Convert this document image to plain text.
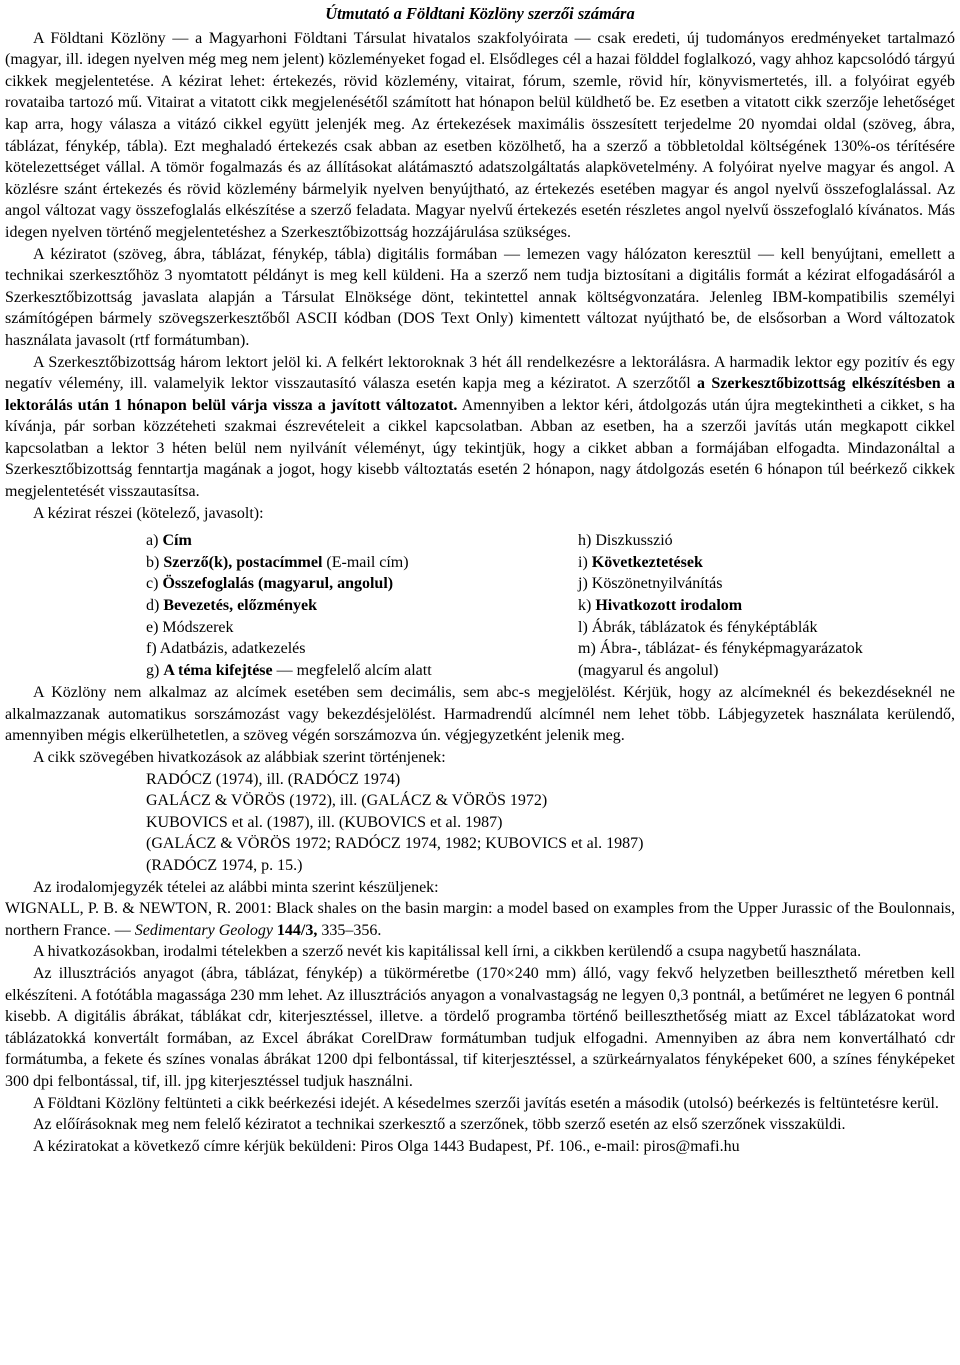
Útmutató a Földtani Közlöny szerzői számára

A Földtani Közlöny — a Magyarhoni Földtani Társulat hivatalos szakfolyóirata — csak eredeti, új tudományos eredményeket tartalmazó (magyar, ill. idegen nyelven még meg nem jelent) közleményeket fogad el. Elsődleges cél a hazai földdel foglalkozó, vagy ahhoz kapcsolódó tárgyú cikkek megjelentetése. A kézirat lehet: értekezés, rövid közlemény, vitairat, fórum, szemle, rövid hír, könyvismertetés, ill. a folyóirat egyéb rovataiba tartozó mű. Vitairat a vitatott cikk megjelenésétől számított hat hónapon belül küldhető be. Ez esetben a vitatott cikk szerzője lehetőséget kap arra, hogy válasza a vitázó cikkel együtt jelenjék meg. Az értekezések maximális összesített terjedelme 20 nyomdai oldal (szöveg, ábra, táblázat, fénykép, tábla). Ezt meghaladó értekezés csak abban az esetben közölhető, ha a szerző a többletoldal költségének 130%-os térítésére kötelezettséget vállal. A tömör fogalmazás és az állításokat alátámasztó adatszolgáltatás alapkövetelmény. A folyóirat nyelve magyar és angol. A közlésre szánt értekezés és rövid közlemény bármelyik nyelven benyújtható, az értekezés esetében magyar és angol nyelvű összefoglalással. Az angol változat vagy összefoglalás elkészítése a szerző feladata. Magyar nyelvű értekezés esetén részletes angol nyelvű összefoglaló kívánatos. Más idegen nyelven történő megjelentetéshez a Szerkesztőbizottság hozzájárulása szükséges.

A kéziratot (szöveg, ábra, táblázat, fénykép, tábla) digitális formában — lemezen vagy hálózaton keresztül — kell benyújtani, emellett a technikai szerkesztőhöz 3 nyomtatott példányt is meg kell küldeni. Ha a szerző nem tudja biztosítani a digitális formát a kézirat elfogadásáról a Szerkesztőbizottság javaslata alapján a Társulat Elnöksége dönt, tekintettel annak költségvonzatára. Jelenleg IBM-kompatibilis személyi számítógépen bármely szövegszerkesztőből ASCII kódban (DOS Text Only) kimentett változat nyújtható be, de elsősorban a Word változatok használata javasolt (rtf formátumban).

A Szerkesztőbizottság három lektort jelöl ki. A felkért lektoroknak 3 hét áll rendelkezésre a lektorálásra. A harmadik lektor egy pozitív és egy negatív vélemény, ill. valamelyik lektor visszautasító válasza esetén kapja meg a kéziratot. A szerzőtől a Szerkesztőbizottság elkészítésben a lektorálás után 1 hónapon belül várja vissza a javított változatot. Amennyiben a lektor kéri, átdolgozás után újra megtekintheti a cikket, s ha kívánja, pár sorban közzéteheti szakmai észrevételeit a cikkel kapcsolatban. Abban az esetben, ha a szerzői javítás után megkapott cikkel kapcsolatban a lektor 3 héten belül nem nyilvánít véleményt, úgy tekintjük, hogy a cikket abban a formájában elfogadta. Mindazonáltal a Szerkesztőbizottság fenntartja magának a jogot, hogy kisebb változtatás esetén 2 hónapon, nagy átdolgozás esetén 6 hónapon túl beérkező cikkek megjelentetését visszautasítsa.

A kézirat részei (kötelező, javasolt):

a) Cím
b) Szerző(k), postacímmel (E-mail cím)
c) Összefoglalás (magyarul, angolul)
d) Bevezetés, előzmények
e) Módszerek
f) Adatbázis, adatkezelés
g) A téma kifejtése — megfelelő alcím alatt
h) Diszkusszió
i) Következtetések
j) Köszönetnyilvánítás
k) Hivatkozott irodalom
l) Ábrák, táblázatok és fényképtáblák
m) Ábra-, táblázat- és fényképmagyarázatok
(magyarul és angolul)

A Közlöny nem alkalmaz az alcímek esetében sem decimális, sem abc-s megjelölést. Kérjük, hogy az alcímeknél és bekezdéseknél ne alkalmazzanak automatikus sorszámozást vagy bekezdésjelölést. Harmadrendű alcímnél nem lehet több. Lábjegyzetek használata kerülendő, amennyiben mégis elkerülhetetlen, a szöveg végén sorszámozva ún. végjegyzetként jelenik meg.

A cikk szövegében hivatkozások az alábbiak szerint történjenek:

RADÓCZ (1974), ill. (RADÓCZ 1974)
GALÁCZ & VÖRÖS (1972), ill. (GALÁCZ & VÖRÖS 1972)
KUBOVICS et al. (1987), ill. (KUBOVICS et al. 1987)
(GALÁCZ & VÖRÖS 1972; RADÓCZ 1974, 1982; KUBOVICS et al. 1987)
(RADÓCZ 1974, p. 15.)

Az irodalomjegyzék tételei az alábbi minta szerint készüljenek:

WIGNALL, P. B. & NEWTON, R. 2001: Black shales on the basin margin: a model based on examples from the Upper Jurassic of the Boulonnais, northern France. — Sedimentary Geology 144/3, 335–356.

A hivatkozásokban, irodalmi tételekben a szerző nevét kis kapitálissal kell írni, a cikkben kerülendő a csupa nagybetű használata.

Az illusztrációs anyagot (ábra, táblázat, fénykép) a tükörméretbe (170×240 mm) álló, vagy fekvő helyzetben beilleszthető méretben kell elkészíteni. A fotótábla magassága 230 mm lehet. Az illusztrációs anyagon a vonalvastagság ne legyen 0,3 pontnál, a betűméret ne legyen 6 pontnál kisebb. A digitális ábrákat, táblákat cdr, kiterjesztéssel, illetve. a tördelő programba történő beilleszthetőség miatt az Excel táblázatokat word táblázatokká konvertált formában, az Excel ábrákat CorelDraw formátumban tudjuk elfogadni. Amennyiben az ábra nem konvertálható cdr formátumba, a fekete és színes vonalas ábrákat 1200 dpi felbontással, tif kiterjesztéssel, a szürkeárnyalatos fényképeket 600, a színes fényképeket 300 dpi felbontással, tif, ill. jpg kiterjesztéssel tudjuk használni.

A Földtani Közlöny feltünteti a cikk beérkezési idejét. A késedelmes szerzői javítás esetén a második (utolsó) beérkezés is feltüntetésre kerül.

Az előírásoknak meg nem felelő kéziratot a technikai szerkesztő a szerzőnek, több szerző esetén az első szerzőnek visszaküldi.

A kéziratokat a következő címre kérjük beküldeni: Piros Olga 1443 Budapest, Pf. 106., e-mail: piros@mafi.hu
